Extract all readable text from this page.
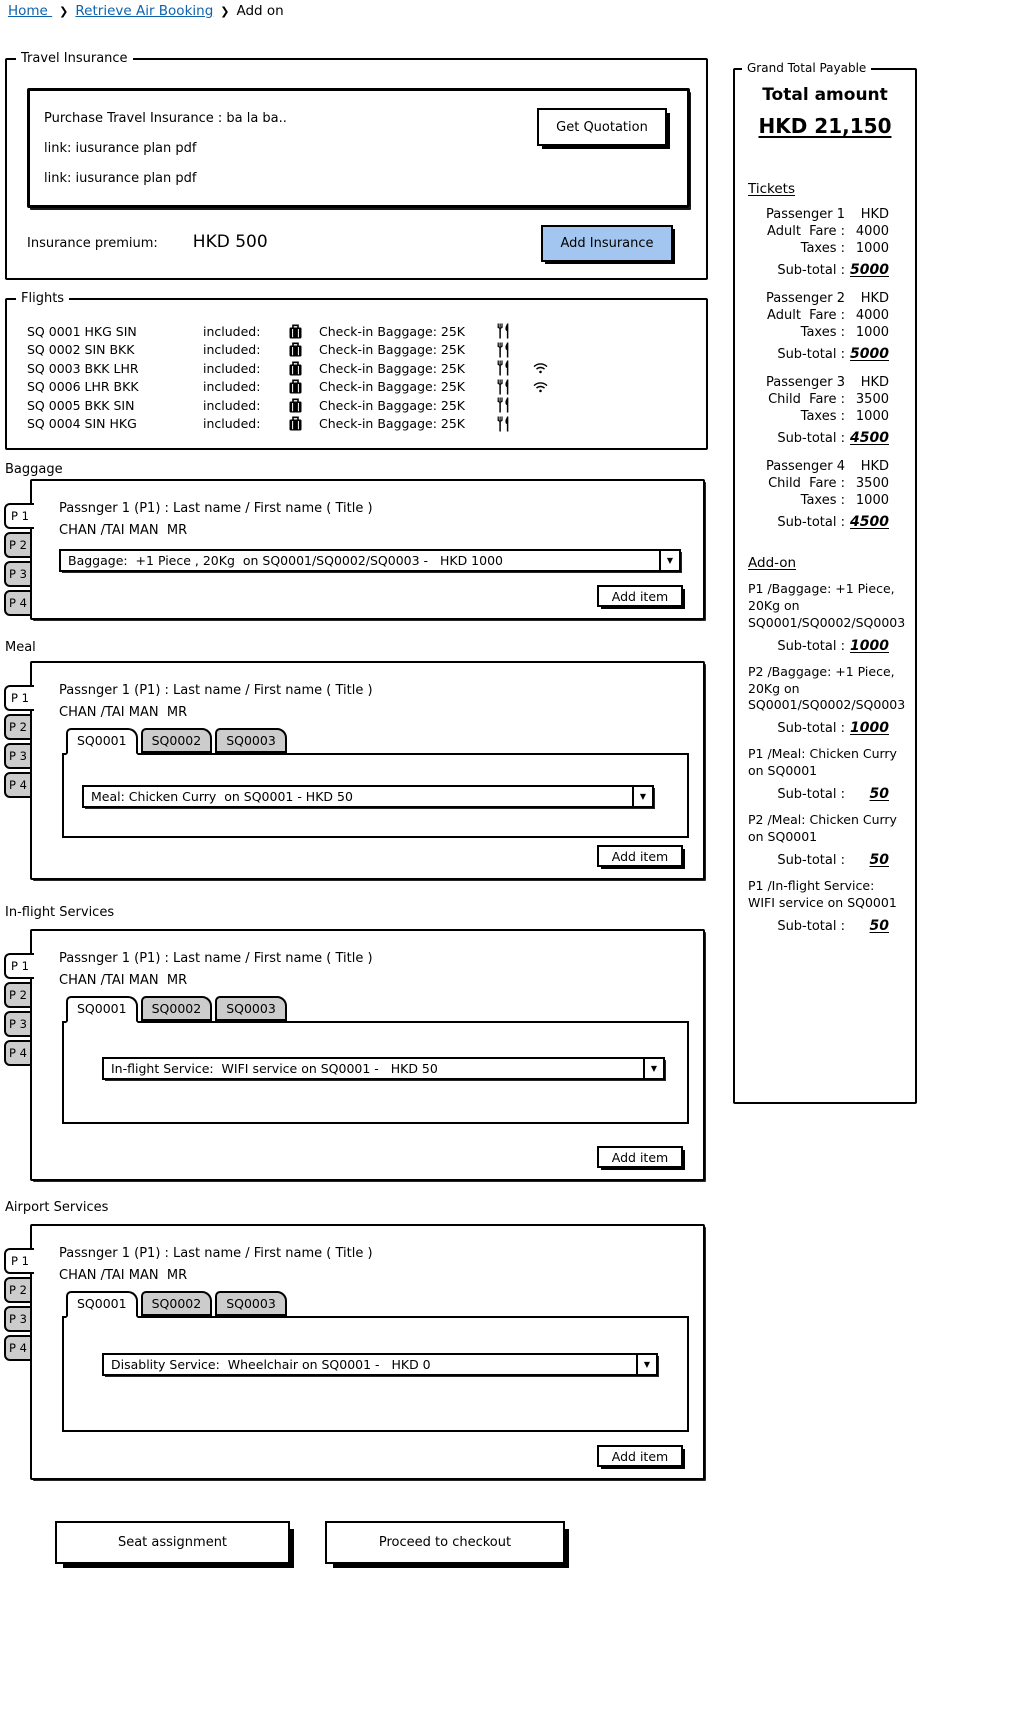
Home ❯ Retrieve Air Booking ❯ Add on
Travel Insurance
Purchase Travel Insurance : ba la ba..
link: iusurance plan pdf
link: iusurance plan pdf
Get Quotation
Insurance premium: HKD 500	Add Insurance
Flights
SQ 0001 HKG SIN	included:	Check-in Baggage: 25K
SQ 0002 SIN BKK	included:	Check-in Baggage: 25K
SQ 0003 BKK LHR	included:	Check-in Baggage: 25K
SQ 0006 LHR BKK	included:	Check-in Baggage: 25K
SQ 0005 BKK SIN	included:	Check-in Baggage: 25K
SQ 0004 SIN HKG	included:	Check-in Baggage: 25K
Baggage
P 1
P 2
P 3
P 4
Passnger 1 (P1) : Last name / First name ( Title )
CHAN /TAI MAN  MR
Baggage:  +1 Piece , 20Kg  on SQ0001/SQ0002/SQ0003 -   HKD 1000	▼
Add item
Meal
P 1
P 2
P 3
P 4
Passnger 1 (P1) : Last name / First name ( Title )
CHAN /TAI MAN  MR
SQ0001	SQ0002	SQ0003
Meal: Chicken Curry  on SQ0001 - HKD 50	▼
Add item
In-flight Services
P 1
P 2
P 3
P 4
Passnger 1 (P1) : Last name / First name ( Title )
CHAN /TAI MAN  MR
SQ0001	SQ0002	SQ0003
In-flight Service:  WIFI service on SQ0001 -   HKD 50	▼
Add item
Airport Services
P 1
P 2
P 3
P 4
Passnger 1 (P1) : Last name / First name ( Title )
CHAN /TAI MAN  MR
SQ0001	SQ0002	SQ0003
Disablity Service:  Wheelchair on SQ0001 -   HKD 0	▼
Add item
Seat assignment	Proceed to checkout
Grand Total Payable
Total amount
HKD 21,150
Tickets
Passenger 1	HKD
Adult  Fare : 4000
Taxes : 1000
Sub-total : 5000
Passenger 2	HKD
Adult  Fare : 4000
Taxes : 1000
Sub-total : 5000
Passenger 3	HKD
Child  Fare : 3500
Taxes : 1000
Sub-total : 4500
Passenger 4	HKD
Child  Fare : 3500
Taxes : 1000
Sub-total : 4500
Add-on
P1 /Baggage: +1 Piece, 20Kg on SQ0001/SQ0002/SQ0003
Sub-total : 1000
P2 /Baggage: +1 Piece, 20Kg on SQ0001/SQ0002/SQ0003
Sub-total : 1000
P1 /Meal: Chicken Curry  on SQ0001
Sub-total :	50
P2 /Meal: Chicken Curry  on SQ0001
Sub-total :	50
P1 /In-flight Service:  WIFI service on SQ0001
Sub-total :	50
